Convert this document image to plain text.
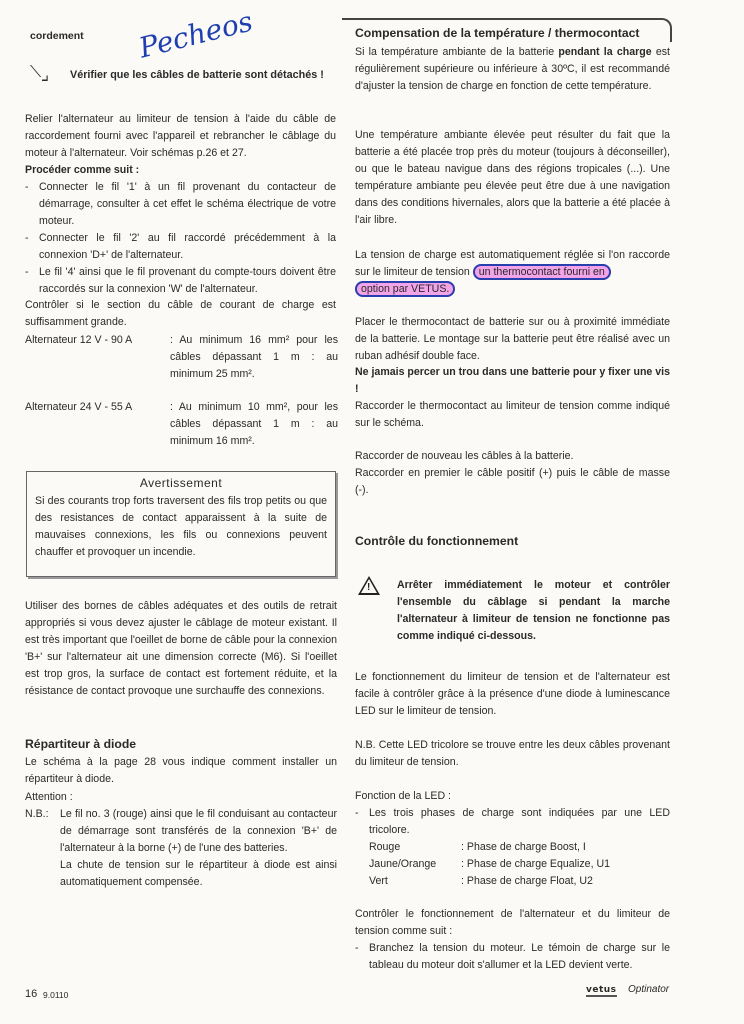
cordement Pecheos
⟍⌟ Vérifier que les câbles de batterie sont détachés !

Relier l'alternateur au limiteur de tension à l'aide du câble de raccordement fourni avec l'appareil et rebrancher le câblage du moteur à l'alternateur. Voir schémas p.26 et 27.

Procéder comme suit :
- Connecter le fil '1' à un fil provenant du contacteur de démarrage, consulter à cet effet le schéma électrique de votre moteur.
- Connecter le fil '2' au fil raccordé précédemment à la connexion 'D+' de l'alternateur.
- Le fil '4' ainsi que le fil provenant du compte-tours doivent être raccordés sur la connexion 'W' de l'alternateur.

Contrôler si le section du câble de courant de charge est suffisamment grande.

Alternateur 12 V - 90 A	: Au minimum 16 mm² pour les câbles dépassant 1 m : au minimum 25 mm².

Alternateur 24 V - 55 A	: Au minimum 10 mm², pour les câbles dépassant 1 m : au minimum 16 mm².
Avertissement

Si des courants trop forts traversent des fils trop petits ou que des resistances de contact apparaissent à la suite de mauvaises connexions, les fils ou connexions peuvent chauffer et provoquer un incendie.

Utiliser des bornes de câbles adéquates et des outils de retrait appropriés si vous devez ajuster le câblage de moteur existant. Il est très important que l'oeillet de borne de câble pour la connexion 'B+' sur l'alternateur ait une dimension correcte (M6). Si l'oeillet est trop gros, la surface de contact est fortement réduite, et la résistance de contact provoque une surchauffe des connexions.

Répartiteur à diode

Le schéma à la page 28 vous indique comment installer un répartiteur à diode.

Attention :
N.B.: Le fil no. 3 (rouge) ainsi que le fil conduisant au contacteur de démarrage sont transférés de la connexion 'B+' de l'alternateur à la borne (+) de l'une des batteries.

La chute de tension sur le répartiteur à diode est ainsi automatiquement compensée.

Compensation de la température / thermocontact

Si la température ambiante de la batterie pendant la charge est régulièrement supérieure ou inférieure à 30ºC, il est recommandé d'ajuster la tension de charge en fonction de cette température.

Une température ambiante élevée peut résulter du fait que la batterie a été placée trop près du moteur (toujours à déconseiller), ou que le bateau navigue dans des régions tropicales (...). Une température ambiante peu élevée peut être due à une navigation dans des conditions hivernales, alors que la batterie a été placée à l'air libre.

La tension de charge est automatiquement réglée si l'on raccorde sur le limiteur de tension un thermocontact fourni en
option par VETUS.

Placer le thermocontact de batterie sur ou à proximité immédiate de la batterie. Le montage sur la batterie peut être réalisé avec un ruban adhésif double face.

Ne jamais percer un trou dans une batterie pour y fixer une vis !

Raccorder le thermocontact au limiteur de tension comme indiqué sur le schéma.

Raccorder de nouveau les câbles à la batterie.

Raccorder en premier le câble positif (+) puis le câble de masse (-).

Contrôle du fonctionnement
!	Arrêter immédiatement le moteur et contrôler l'ensemble du câblage si pendant la marche l'alternateur à limiteur de tension ne fonctionne pas comme indiqué ci-dessous.

Le fonctionnement du limiteur de tension et de l'alternateur est facile à contrôler grâce à la présence d'une diode à luminescance LED sur le limiteur de tension.

N.B. Cette LED tricolore se trouve entre les deux câbles provenant du limiteur de tension.

Fonction de la LED :
- Les trois phases de charge sont indiquées par une LED tricolore.
Rouge	: Phase de charge Boost, I
Jaune/Orange	: Phase de charge Equalize, U1
Vert	: Phase de charge Float, U2

Contrôler le fonctionnement de l'alternateur et du limiteur de tension comme suit :

- Branchez la tension du moteur. Le témoin de charge sur le tableau du moteur doit s'allumer et la LED devient verte.
16 9.0110	vetus Optinator
